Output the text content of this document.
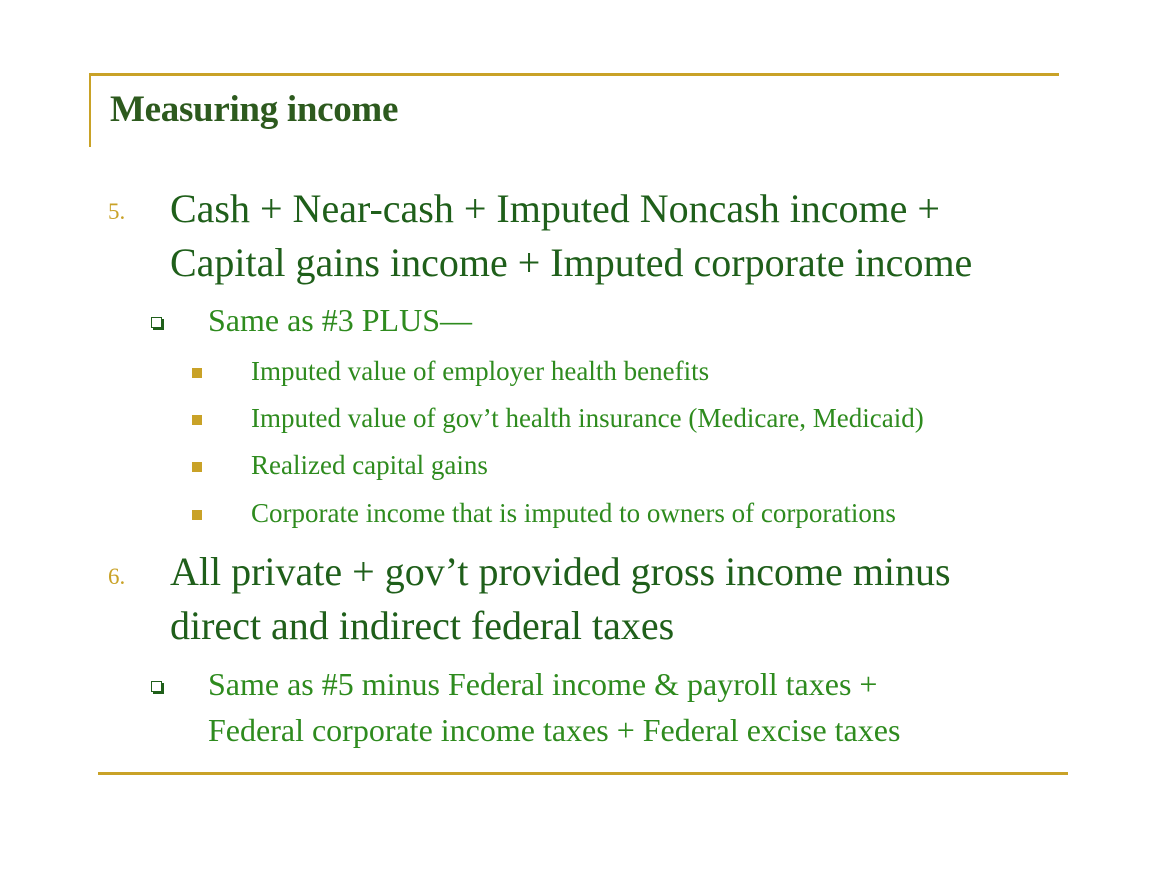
Measuring income
5. Cash + Near-cash + Imputed Noncash income +
Capital gains income + Imputed corporate income
Same as #3 PLUS—
Imputed value of employer health benefits
Imputed value of gov’t health insurance (Medicare, Medicaid)
Realized capital gains
Corporate income that is imputed to owners of corporations
6. All private + gov’t provided gross income minus
direct and indirect federal taxes
Same as #5 minus Federal income & payroll taxes +
Federal corporate income taxes + Federal excise taxes
